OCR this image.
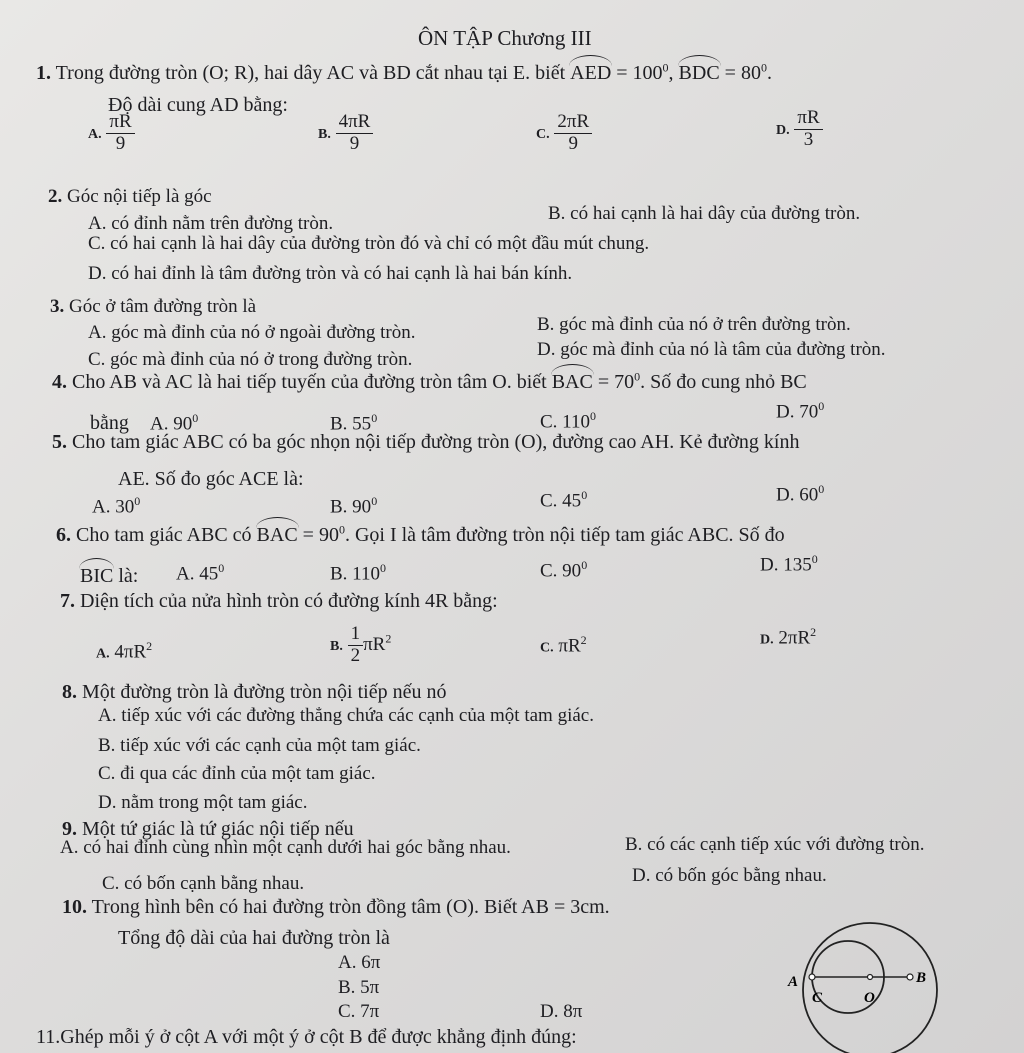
ÔN TẬP Chương III
1. Trong đường tròn (O; R), hai dây AC và BD cắt nhau tại E. biết AED = $100^0$, BDC = $80^0$.
Độ dài cung AD bằng:
A. $\frac{\pi R}{9}$	B. $\frac{4\pi R}{9}$	C. $\frac{2\pi R}{9}$	D. $\frac{\pi R}{3}$
2. Góc nội tiếp là góc
A. có đỉnh nằm trên đường tròn.	B. có hai cạnh là hai dây của đường tròn.
C. có hai cạnh là hai dây của đường tròn đó và chỉ có một đầu mút chung.
D. có hai đỉnh là tâm đường tròn và có hai cạnh là hai bán kính.
3. Góc ở tâm đường tròn là
A. góc mà đỉnh của nó ở ngoài đường tròn.	B. góc mà đỉnh của nó ở trên đường tròn.
C. góc mà đỉnh của nó ở trong đường tròn.	D. góc mà đỉnh của nó là tâm của đường tròn.
4. Cho AB và AC là hai tiếp tuyến của đường tròn tâm O. biết BAC = $70^0$. Số đo cung nhỏ BC
bằng A. $90^0$	B. $55^0$	C. $110^0$	D. $70^0$
5. Cho tam giác ABC có ba góc nhọn nội tiếp đường tròn (O), đường cao AH. Kẻ đường kính
AE. Số đo góc ACE là:
A. $30^0$	B. $90^0$	C. $45^0$	D. $60^0$
6. Cho tam giác ABC có BAC = $90^0$. Gọi I là tâm đường tròn nội tiếp tam giác ABC. Số đo
BIC là: A. $45^0$	B. $110^0$	C. $90^0$	D. $135^0$
7. Diện tích của nửa hình tròn có đường kính 4R bằng:
A. $4\pi R^2$	B. $\frac{1}{2} \pi R^2$
C. $\pi R^2$	D. $2\pi R^2$
8. Một đường tròn là đường tròn nội tiếp nếu nó
A. tiếp xúc với các đường thẳng chứa các cạnh của một tam giác.
B. tiếp xúc với các cạnh của một tam giác.
C. đi qua các đỉnh của một tam giác.
D. nằm trong một tam giác.
9. Một tứ giác là tứ giác nội tiếp nếu
A. có hai đỉnh cùng nhìn một cạnh dưới hai góc bằng nhau.	B. có các cạnh tiếp xúc với đường tròn.
C. có bốn cạnh bằng nhau.	D. có bốn góc bằng nhau.
10. Trong hình bên có hai đường tròn đồng tâm (O). Biết AB = 3cm.
Tổng độ dài của hai đường tròn là
A. 6π
B. 5π
C. 7π	D. 8π
A	B
C	O
11.Ghép mỗi ý ở cột A với một ý ở cột B để được khẳng định đúng:
